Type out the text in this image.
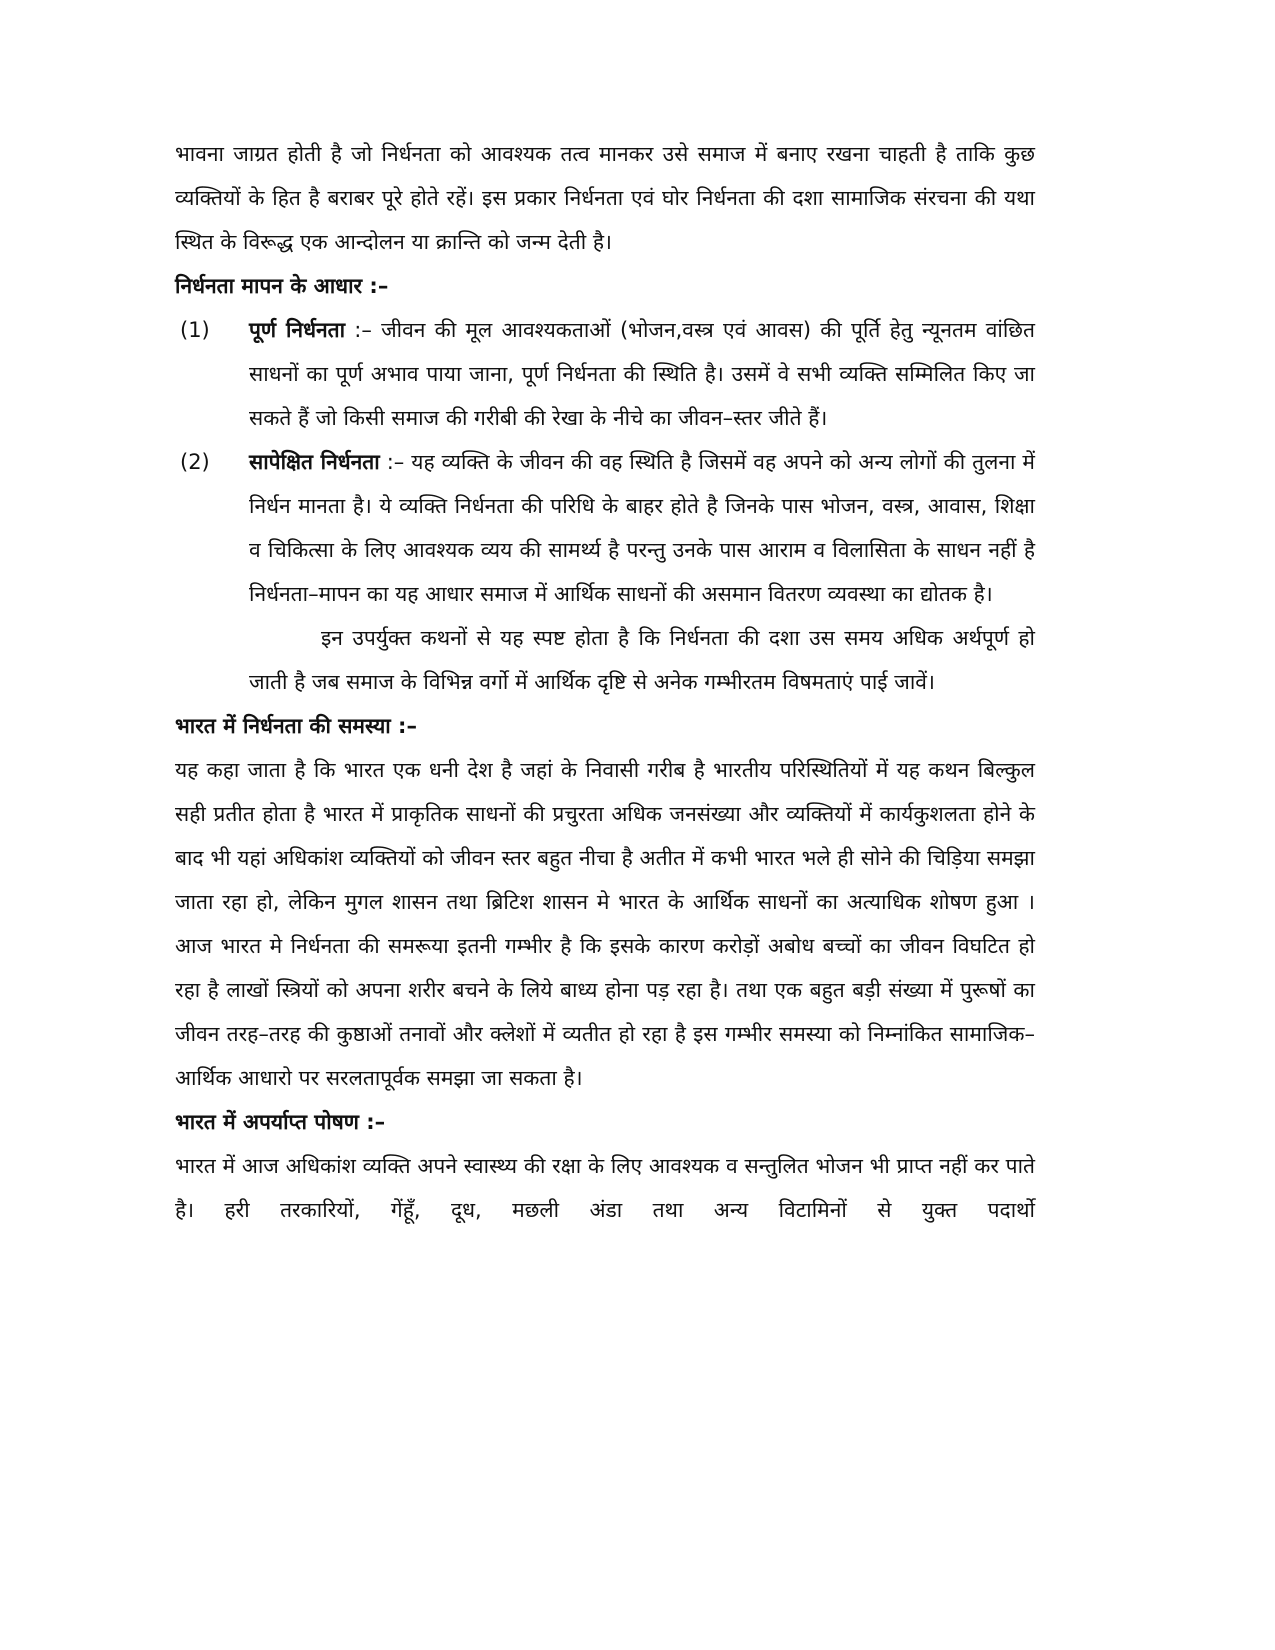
भावना जाग्रत होती है जो निर्धनता को आवश्यक तत्व मानकर उसे समाज में बनाए रखना चाहती है ताकि कुछ व्यक्तियों के हित है बराबर पूरे होते रहें। इस प्रकार निर्धनता एवं घोर निर्धनता की दशा सामाजिक संरचना की यथा स्थित के विरूद्ध एक आन्दोलन या क्रान्ति को जन्म देती है।

निर्धनता मापन के आधार :–

(1) पूर्ण निर्धनता :– जीवन की मूल आवश्यकताओं (भोजन,वस्त्र एवं आवस) की पूर्ति हेतु न्यूनतम वांछित साधनों का पूर्ण अभाव पाया जाना, पूर्ण निर्धनता की स्थिति है। उसमें वे सभी व्यक्ति सम्मिलित किए जा सकते हैं जो किसी समाज की गरीबी की रेखा के नीचे का जीवन–स्तर जीते हैं।
(2) सापेक्षित निर्धनता :– यह व्यक्ति के जीवन की वह स्थिति है जिसमें वह अपने को अन्य लोगों की तुलना में निर्धन मानता है। ये व्यक्ति निर्धनता की परिधि के बाहर होते है जिनके पास भोजन, वस्त्र, आवास, शिक्षा व चिकित्सा के लिए आवश्यक व्यय की सामर्थ्य है परन्तु उनके पास आराम व विलासिता के साधन नहीं है निर्धनता–मापन का यह आधार समाज में आर्थिक साधनों की असमान वितरण व्यवस्था का द्योतक है।

इन उपर्युक्त कथनों से यह स्पष्ट होता है कि निर्धनता की दशा उस समय अधिक अर्थपूर्ण हो जाती है जब समाज के विभिन्न वर्गो में आर्थिक दृष्टि से अनेक गम्भीरतम विषमताएं पाई जावें।

भारत में निर्धनता की समस्या :–

यह कहा जाता है कि भारत एक धनी देश है जहां के निवासी गरीब है भारतीय परिस्थितियों में यह कथन बिल्कुल सही प्रतीत होता है भारत में प्राकृतिक साधनों की प्रचुरता अधिक जनसंख्या और व्यक्तियों में कार्यकुशलता होने के बाद भी यहां अधिकांश व्यक्तियों को जीवन स्तर बहुत नीचा है अतीत में कभी भारत भले ही सोने की चिड़िया समझा जाता रहा हो, लेकिन मुगल शासन तथा ब्रिटिश शासन मे भारत के आर्थिक साधनों का अत्याधिक शोषण हुआ । आज भारत मे निर्धनता की समरूया इतनी गम्भीर है कि इसके कारण करोड़ों अबोध बच्चों का जीवन विघटित हो रहा है लाखों स्त्रियों को अपना शरीर बचने के लिये बाध्य होना पड़ रहा है। तथा एक बहुत बड़ी संख्या में पुरूषों का जीवन तरह–तरह की कुष्ठाओं तनावों और क्लेशों में व्यतीत हो रहा है इस गम्भीर समस्या को निम्नांकित सामाजिक–आर्थिक आधारो पर सरलतापूर्वक समझा जा सकता है।

भारत में अपर्याप्त पोषण :–

भारत में आज अधिकांश व्यक्ति अपने स्वास्थ्य की रक्षा के लिए आवश्यक व सन्तुलित भोजन भी प्राप्त नहीं कर पाते है। हरी तरकारियों, गेंहूँ, दूध, मछली अंडा तथा अन्य विटामिनों से युक्त पदार्थो
